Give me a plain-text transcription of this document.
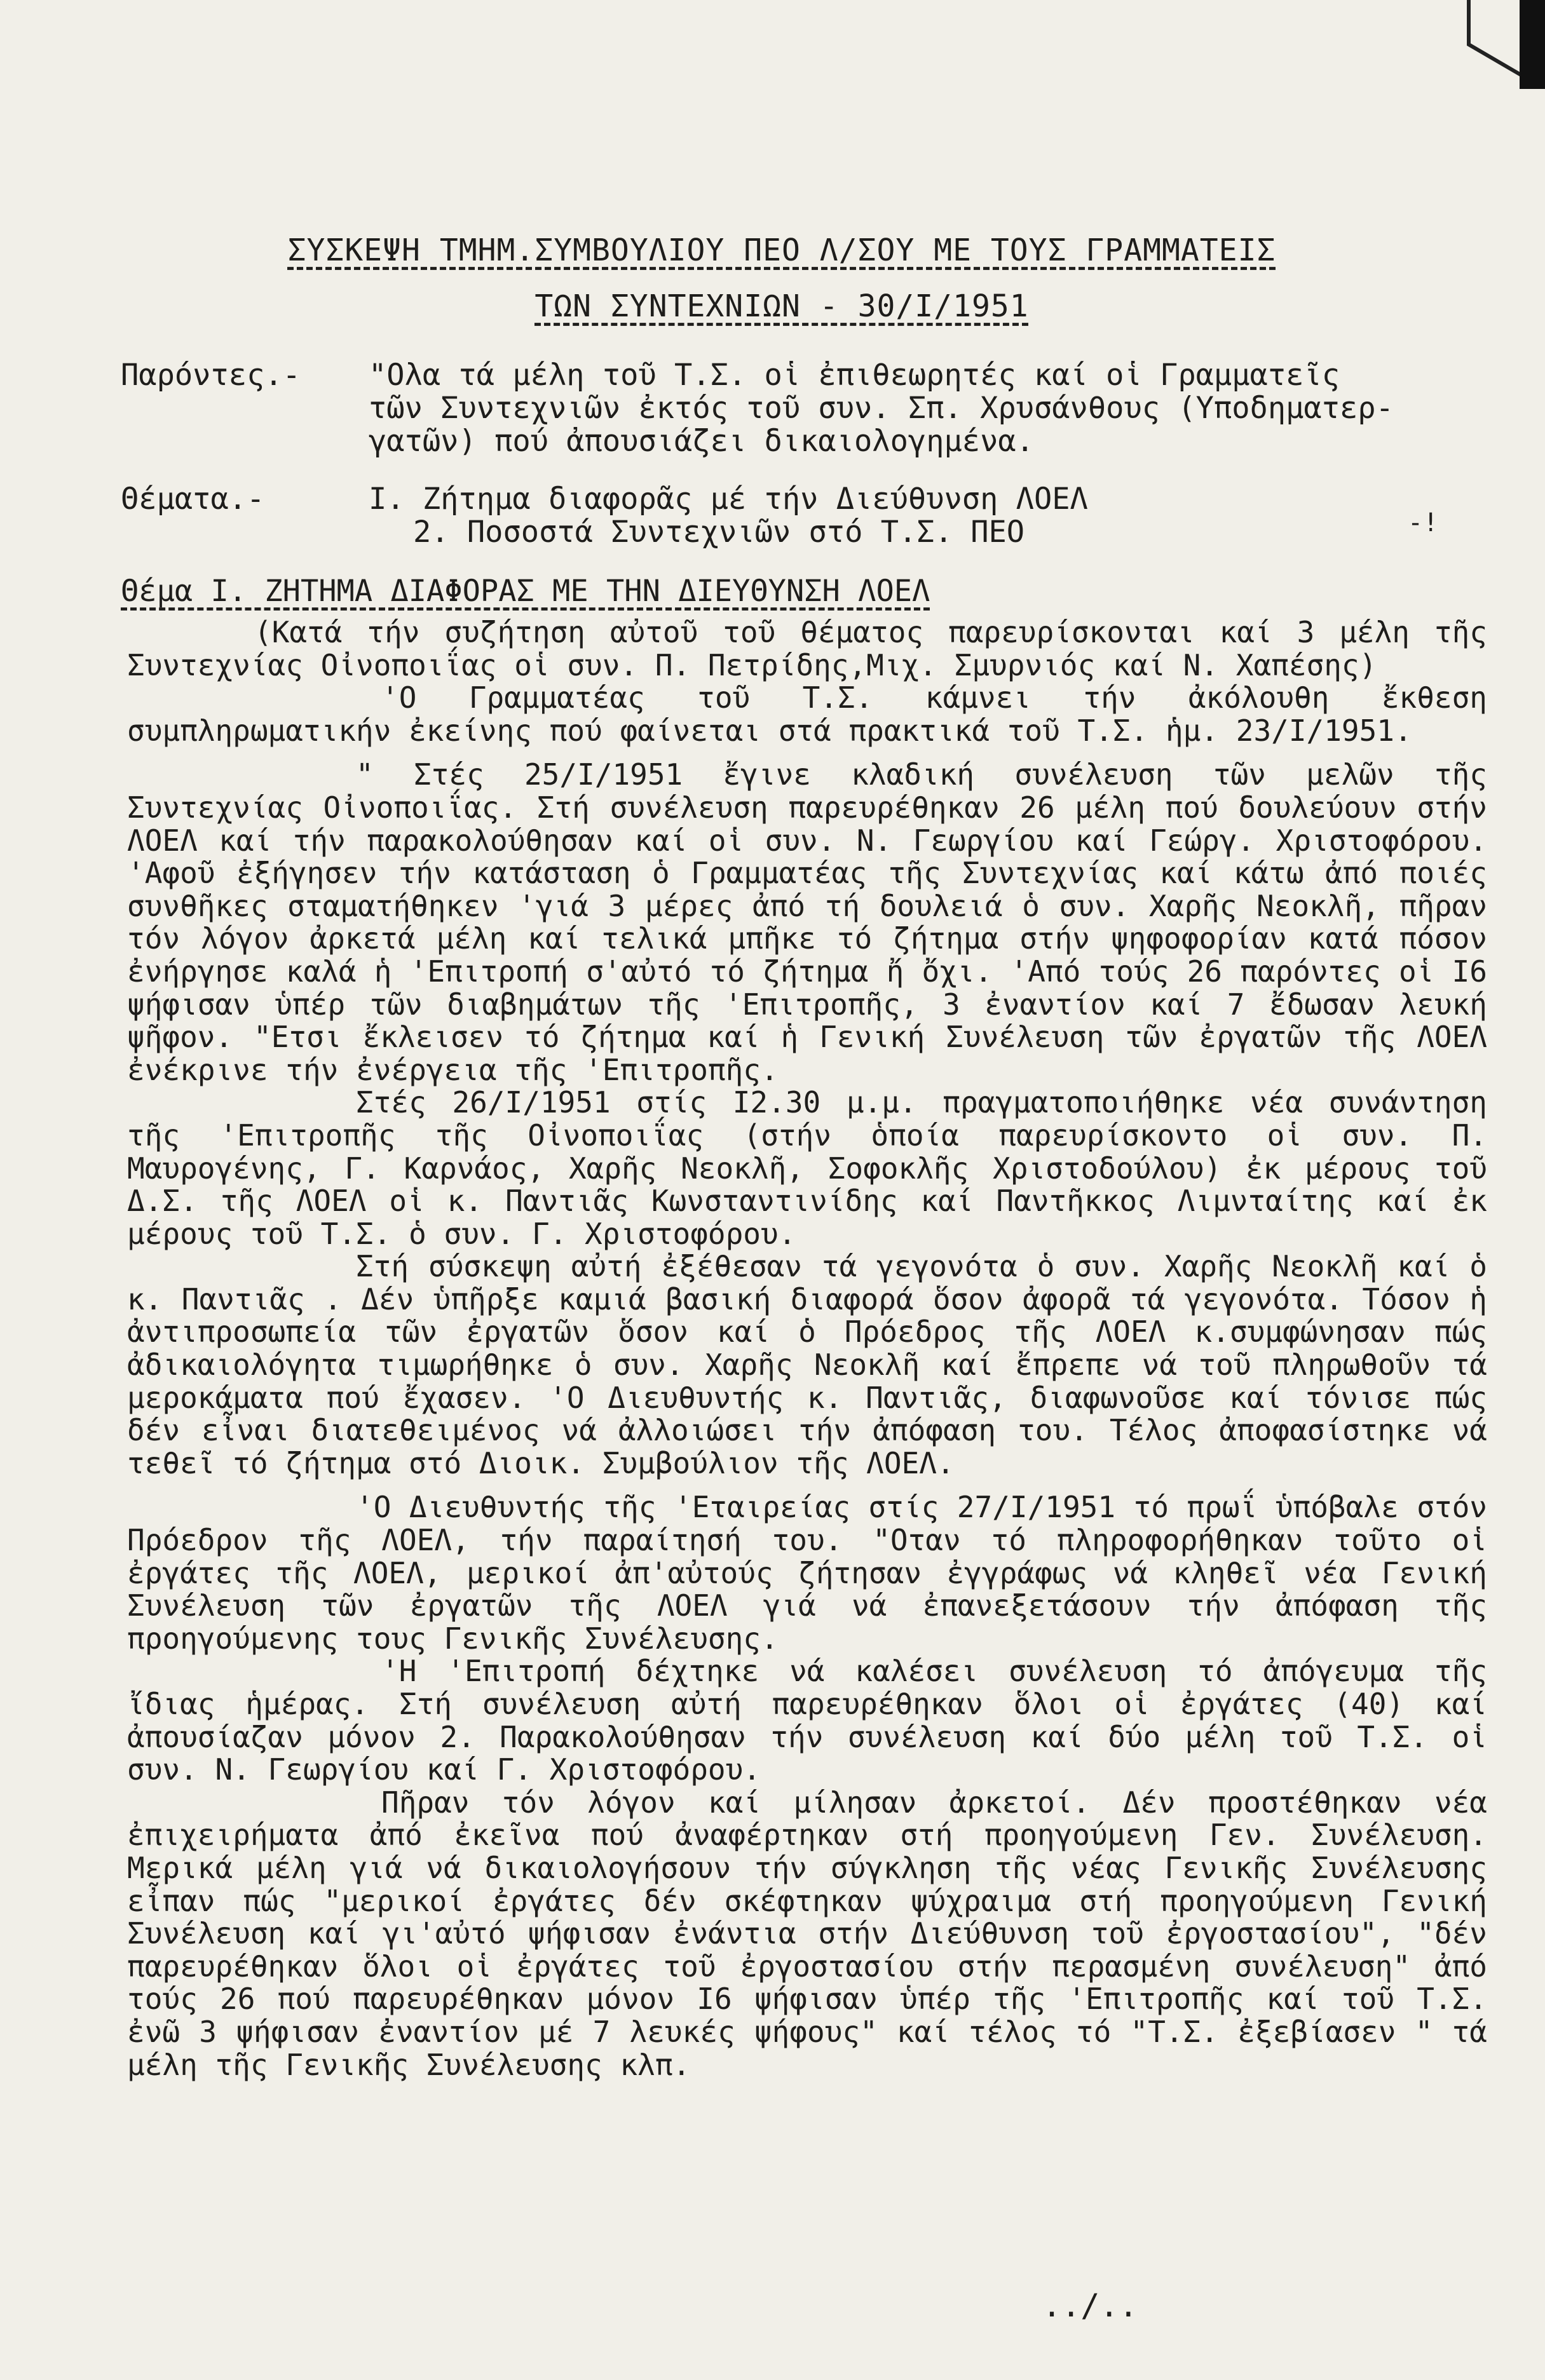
ΣΥΣΚΕΨΗ ΤΜΗΜ.ΣΥΜΒΟΥΛΙΟΥ ΠΕΟ Λ/ΣΟΥ ΜΕ ΤΟΥΣ ΓΡΑΜΜΑΤΕΙΣ
ΤΩΝ ΣΥΝΤΕΧΝΙΩΝ - 30/Ι/1951
Παρόντες.-	"Ολα τά μέλη τοῦ Τ.Σ. οἱ ἐπιθεωρητές καί οἱ Γραμματεῖς
τῶν Συντεχνιῶν ἐκτός τοῦ συν. Σπ. Χρυσάνθους (Υποδηματερ-
γατῶν) πού ἀπουσιάζει δικαιολογημένα.
Θέματα.-	Ι. Ζήτημα διαφορᾶς μέ τήν Διεύθυνση ΛΟΕΛ
2. Ποσοστά Συντεχνιῶν στό Τ.Σ. ΠΕΟ	-!
Θέμα Ι. ΖΗΤΗΜΑ ΔΙΑΦΟΡΑΣ ΜΕ ΤΗΝ ΔΙΕΥΘΥΝΣΗ ΛΟΕΛ

(Κατά τήν συζήτηση αὐτοῦ τοῦ θέματος παρευρίσκονται καί 3 μέλη τῆς Συντεχνίας Οἰνοποιΐας οἱ συν. Π. Πετρίδης,Μιχ. Σμυρνιός καί Ν. Χαπέσης)

'Ο Γραμματέας τοῦ Τ.Σ. κάμνει τήν ἀκόλουθη ἔκθεση συμπληρωματικήν ἐκείνης πού φαίνεται στά πρακτικά τοῦ Τ.Σ. ἡμ. 23/Ι/1951.

" Στές 25/Ι/1951 ἔγινε κλαδική συνέλευση τῶν μελῶν τῆς Συντεχνίας Οἰνοποιΐας. Στή συνέλευση παρευρέθηκαν 26 μέλη πού δουλεύουν στήν ΛΟΕΛ καί τήν παρακολούθησαν καί οἱ συν. Ν. Γεωργίου καί Γεώργ. Χριστοφόρου. 'Αφοῦ ἐξήγησεν τήν κατάσταση ὁ Γραμματέας τῆς Συντεχνίας καί κάτω ἀπό ποιές συνθῆκες σταματήθηκεν 'γιά 3 μέρες ἀπό τή δουλειά ὁ συν. Χαρῆς Νεοκλῆ, πῆραν τόν λόγον ἀρκετά μέλη καί τελικά μπῆκε τό ζήτημα στήν ψηφοφορίαν κατά πόσον ἐνήργησε καλά ἡ 'Επιτροπή σ'αὐτό τό ζήτημα ἤ ὄχι. 'Από τούς 26 παρόντες οἱ Ι6 ψήφισαν ὑπέρ τῶν διαβημάτων τῆς 'Επιτροπῆς, 3 ἐναντίον καί 7 ἔδωσαν λευκή ψῆφον. "Ετσι ἔκλεισεν τό ζήτημα καί ἡ Γενική Συνέλευση τῶν ἐργατῶν τῆς ΛΟΕΛ ἐνέκρινε τήν ἐνέργεια τῆς 'Επιτροπῆς.

Στές 26/Ι/1951 στίς Ι2.30 μ.μ. πραγματοποιήθηκε νέα συνάντηση τῆς 'Επιτροπῆς τῆς Οἰνοποιΐας (στήν ὁποία παρευρίσκοντο οἱ συν. Π. Μαυρογένης, Γ. Καρνάος, Χαρῆς Νεοκλῆ, Σοφοκλῆς Χριστοδούλου) ἐκ μέρους τοῦ Δ.Σ. τῆς ΛΟΕΛ οἱ κ. Παντιᾶς Κωνσταντινίδης καί Παντῆκκος Λιμνταίτης καί ἐκ μέρους τοῦ Τ.Σ. ὁ συν. Γ. Χριστοφόρου.

Στή σύσκεψη αὐτή ἐξέθεσαν τά γεγονότα ὁ συν. Χαρῆς Νεοκλῆ καί ὁ κ. Παντιᾶς . Δέν ὑπῆρξε καμιά βασική διαφορά ὅσον ἀφορᾶ τά γεγονότα. Τόσον ἡ ἀντιπροσωπεία τῶν ἐργατῶν ὅσον καί ὁ Πρόεδρος τῆς ΛΟΕΛ κ.συμφώνησαν πώς ἀδικαιολόγητα τιμωρήθηκε ὁ συν. Χαρῆς Νεοκλῆ καί ἔπρεπε νά τοῦ πληρωθοῦν τά μεροκάματα πού ἔχασεν. 'Ο Διευθυντής κ. Παντιᾶς, διαφωνοῦσε καί τόνισε πώς δέν εἶναι διατεθειμένος νά ἀλλοιώσει τήν ἀπόφαση του. Τέλος ἀποφασίστηκε νά τεθεῖ τό ζήτημα στό Διοικ. Συμβούλιον τῆς ΛΟΕΛ.

'Ο Διευθυντής τῆς 'Εταιρείας στίς 27/Ι/1951 τό πρωΐ ὑπόβαλε στόν Πρόεδρον τῆς ΛΟΕΛ, τήν παραίτησή του. "Οταν τό πληροφορήθηκαν τοῦτο οἱ ἐργάτες τῆς ΛΟΕΛ, μερικοί ἀπ'αὐτούς ζήτησαν ἐγγράφως νά κληθεῖ νέα Γενική Συνέλευση τῶν ἐργατῶν τῆς ΛΟΕΛ γιά νά ἐπανεξετάσουν τήν ἀπόφαση τῆς προηγούμενης τους Γενικῆς Συνέλευσης.

'Η 'Επιτροπή δέχτηκε νά καλέσει συνέλευση τό ἀπόγευμα τῆς ἴδιας ἡμέρας. Στή συνέλευση αὐτή παρευρέθηκαν ὅλοι οἱ ἐργάτες (40) καί ἀπουσίαζαν μόνον 2. Παρακολούθησαν τήν συνέλευση καί δύο μέλη τοῦ Τ.Σ. οἱ συν. Ν. Γεωργίου καί Γ. Χριστοφόρου.

Πῆραν τόν λόγον καί μίλησαν ἀρκετοί. Δέν προστέθηκαν νέα ἐπιχειρήματα ἀπό ἐκεῖνα πού ἀναφέρτηκαν στή προηγούμενη Γεν. Συνέλευση. Μερικά μέλη γιά νά δικαιολογήσουν τήν σύγκληση τῆς νέας Γενικῆς Συνέλευσης εἶπαν πώς "μερικοί ἐργάτες δέν σκέφτηκαν ψύχραιμα στή προηγούμενη Γενική Συνέλευση καί γι'αὐτό ψήφισαν ἐνάντια στήν Διεύθυνση τοῦ ἐργοστασίου", "δέν παρευρέθηκαν ὅλοι οἱ ἐργάτες τοῦ ἐργοστασίου στήν περασμένη συνέλευση" ἀπό τούς 26 πού παρευρέθηκαν μόνον Ι6 ψήφισαν ὑπέρ τῆς 'Επιτροπῆς καί τοῦ Τ.Σ. ἐνῶ 3 ψήφισαν ἐναντίον μέ 7 λευκές ψήφους" καί τέλος τό "Τ.Σ. ἐξεβίασεν " τά μέλη τῆς Γενικῆς Συνέλευσης κλπ.

../..
